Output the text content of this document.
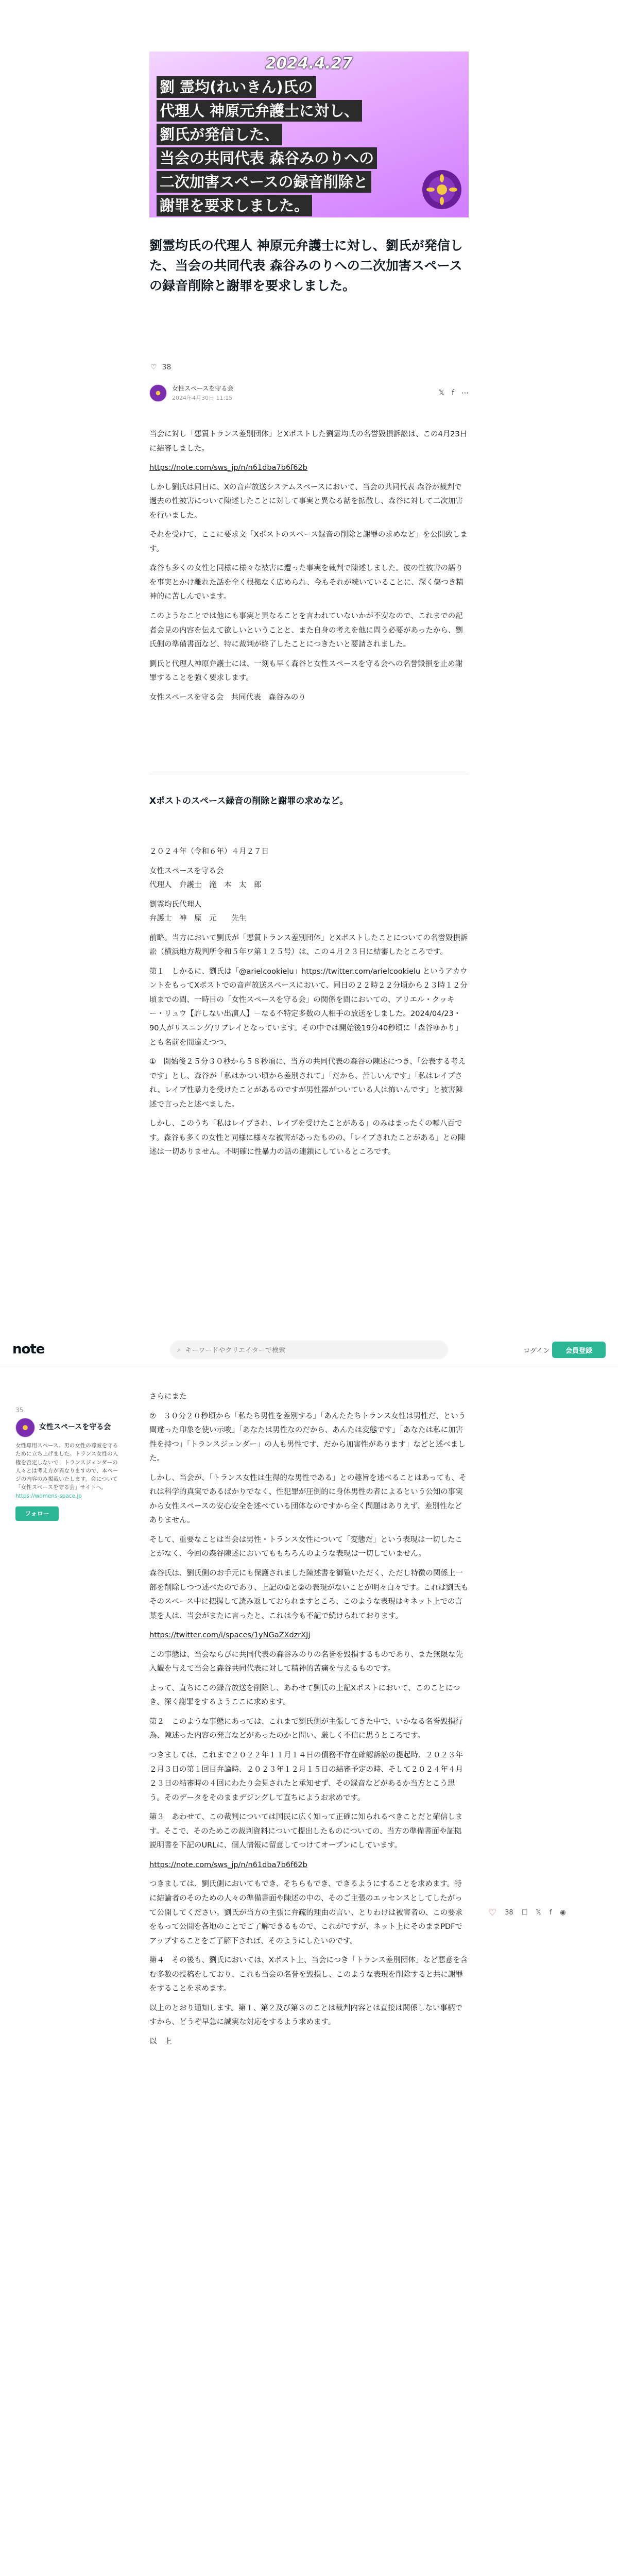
2024.4.27
劉 霊均(れいきん)氏の
代理人 神原元弁護士に対し、
劉氏が発信した、
当会の共同代表 森谷みのりへの
二次加害スペースの録音削除と
謝罪を要求しました。
劉霊均氏の代理人 神原元弁護士に対し、劉氏が発信した、当会の共同代表 森谷みのりへの二次加害スペースの録音削除と謝罪を要求しました。
♡ 38
女性スペースを守る会
2024年4月30日 11:15
𝕏 f ⋯

当会に対し「悪質トランス差別団体」とXポストした劉霊均氏の名誉毀損訴訟は、この4月23日に結審しました。

https://note.com/sws_jp/n/n61dba7b6f62b

しかし劉氏は同日に、Xの音声放送システムスペースにおいて、当会の共同代表 森谷が裁判で過去の性被害について陳述したことに対して事実と異なる話を拡散し、森谷に対して二次加害を行いました。

それを受けて、ここに要求文「Xポストのスペース録音の削除と謝罪の求めなど」を公開致します。

森谷も多くの女性と同様に様々な被害に遭った事実を裁判で陳述しました。彼の性被害の語りを事実とかけ離れた話を全く根拠なく広められ、今もそれが続いていることに、深く傷つき精神的に苦しんでいます。

このようなことでは他にも事実と異なることを言われていないかが不安なので、これまでの記者会見の内容を伝えて欲しいということと、また自身の考えを他に問う必要があったから、劉氏側の準備書面など、特に裁判が終了したことにつきたいと要請されました。

劉氏と代理人神原弁護士には、一刻も早く森谷と女性スペースを守る会への名誉毀損を止め謝罪することを強く要求します。

女性スペースを守る会　共同代表　森谷みのり

Xポストのスペース録音の削除と謝罪の求めなど。

２０２４年（令和６年）４月２７日

女性スペースを守る会

代理人　弁護士　滝　本　太　郎

劉霊均氏代理人

弁護士　神　原　元　　先生

前略。当方において劉氏が「悪質トランス差別団体」とXポストしたことについての名誉毀損訴訟（横浜地方裁判所令和５年ワ第１２５号）は、この４月２３日に結審したところです。

第１　しかるに、劉氏は「@arielcookielu」https://twitter.com/arielcookielu というアカウントをもってXポストでの音声放送スペースにおいて、同日の２２時２２分頃から２３時１２分頃までの間、一時目の「女性スペースを守る会」の関係を間においての、アリエル・クッキー・リュウ【許しない出演人】－なる不特定多数の人相手の放送をしました。2024/04/23・90人がリスニング/リプレイとなっています。その中では開始後19分40秒頃に「森谷ゆかり」とも名前を間違えつつ、

①　開始後２５分３０秒から５８秒頃に、当方の共同代表の森谷の陳述につき、「公表する考えです」とし、森谷が「私はかつい頃から差別されて」「だから、苦しいんです」「私はレイプされ、レイプ性暴力を受けたことがあるのですが男性器がついている人は怖いんです」と被害陳述で言ったと述べました。

しかし、このうち「私はレイプされ、レイプを受けたことがある」のみはまったくの嘘八百です。森谷も多くの女性と同様に様々な被害があったものの、「レイプされたことがある」との陳述は一切ありません。不明確に性暴力の話の連鎖にしているところです。

note	⌕
キーワードやクリエイターで検索	ログイン	会員登録
35
女性スペースを守る会
女性専用スペース。男の女性の尊厳を守るために立ち上げました。トランス女性の人権を否定しないで！トランスジェンダーの人々とは考え方が異なりますので、本ページの内容のみ掲載いたします。会について「女性スペースを守る会」サイトへ。 https://womens-space.jp
フォロー

さらにまた

②　３０分２０秒頃から「私たち男性を差別する」「あんたたちトランス女性は男性だ、という間違った印象を使い示唆」「あなたは男性なのだから、あんたは変態です」「あなたは私に加害性を持つ」「トランスジェンダー」の人も男性です、だから加害性があります」などと述べました。

しかし、当会が、「トランス女性は生得的な男性である」との趣旨を述べることはあっても、それは科学的真実であるばかりでなく、性犯罪が圧倒的に身体男性の者によるという公知の事実から女性スペースの安心安全を述べている団体なのですから全く問題はありえず、差別性などありません。

そして、重要なことは当会は男性・トランス女性について「変態だ」という表現は一切したことがなく、今回の森谷陳述においてももちろんのような表現は一切していません。

森谷氏は、劉氏側のお手元にも保護されました陳述書を御覧いただく、ただし特徴の関係上一部を削除しつつ述べたのであり、上記の①と②の表現がないことが明々白々です。これは劉氏もそのスペース中に把握して読み返しておられますところ、このような表現はキネット上での言葉を人は、当会がまたに言ったと、これは今も不記で続けられております。

https://twitter.com/i/spaces/1yNGaZXdzrXJj

この事態は、当会ならびに共同代表の森谷みのりの名誉を毀損するものであり、また無限な先入観を与えて当会と森谷共同代表に対して精神的苦痛を与えるものです。

よって、直ちにこの録音放送を削除し、あわせて劉氏の上記Xポストにおいて、このことにつき、深く謝罪をするようここに求めます。

第２　このような事態にあっては、これまで劉氏側が主張してきた中で、いかなる名誉毀損行為、陳述った内容の発言などがあったのかと問い、厳しく不信に思うところです。

つきましては、これまで２０２２年１１月１４日の債務不存在確認訴訟の提起時、２０２３年２月３日の第１回目弁論時、２０２３年１２月１５日の結審予定の時、そして２０２４年４月２３日の結審時の４回にわたり会見されたと承知せず、その録音などがあるか当方とこう思う。そのデータをそのままデジングして直ちにようお求めです。

第３　あわせて、この裁判については国民に広く知って正確に知られるべきことだと確信します。そこで、そのためこの裁判資料について提出したものについての、当方の準備書面や証拠説明書を下記のURLに、個人情報に留意してつけてオープンにしています。

https://note.com/sws_jp/n/n61dba7b6f62b

つきましては、劉氏側においてもでき、そちらもでき、できるようにすることを求めます。特に結論者のそのための人々の準備書面や陳述の中の、そのご主張のエッセンスとしてしたがって公開してください。劉氏が当方の主張に弁疏的理由の言い、とりわけは被害者の、この要求をもって公開を各地のことでご了解できるもので、これがですが、ネット上にそのままPDFでアップすることをご了解下されば、そのようにしたいのです。

第４　その後も、劉氏においては、Xポスト上、当会につき「トランス差別団体」など悪意を含む多数の投稿をしており、これも当会の名誉を毀損し、このような表現を削除すると共に謝罪をすることを求めます。

以上のとおり通知します。第１、第２及び第３のことは裁判内容とは直接は関係しない事柄ですから、どうぞ早急に誠実な対応をするよう求めます。

以　上

♡ 38 ☐ 𝕏 f ◉
